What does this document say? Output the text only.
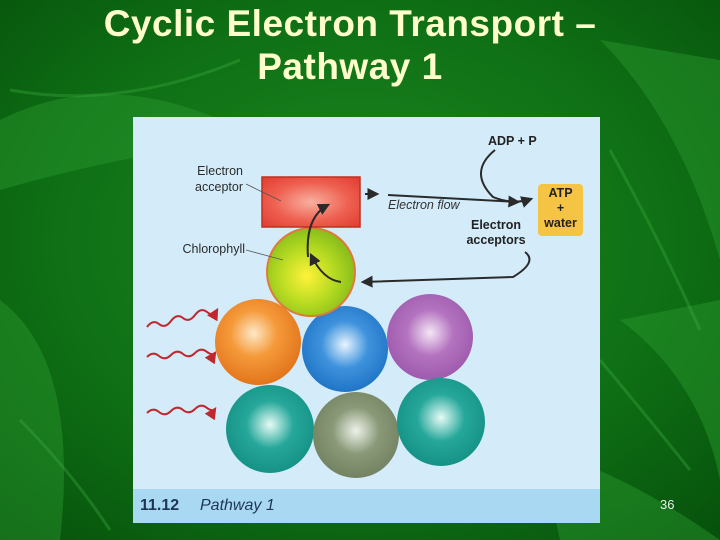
Cyclic Electron Transport –
Pathway 1
Electron
acceptor
Chlorophyll
Electron flow
ADP + P
Electron
acceptors
ATP
+
water
11.12 Pathway 1	36
